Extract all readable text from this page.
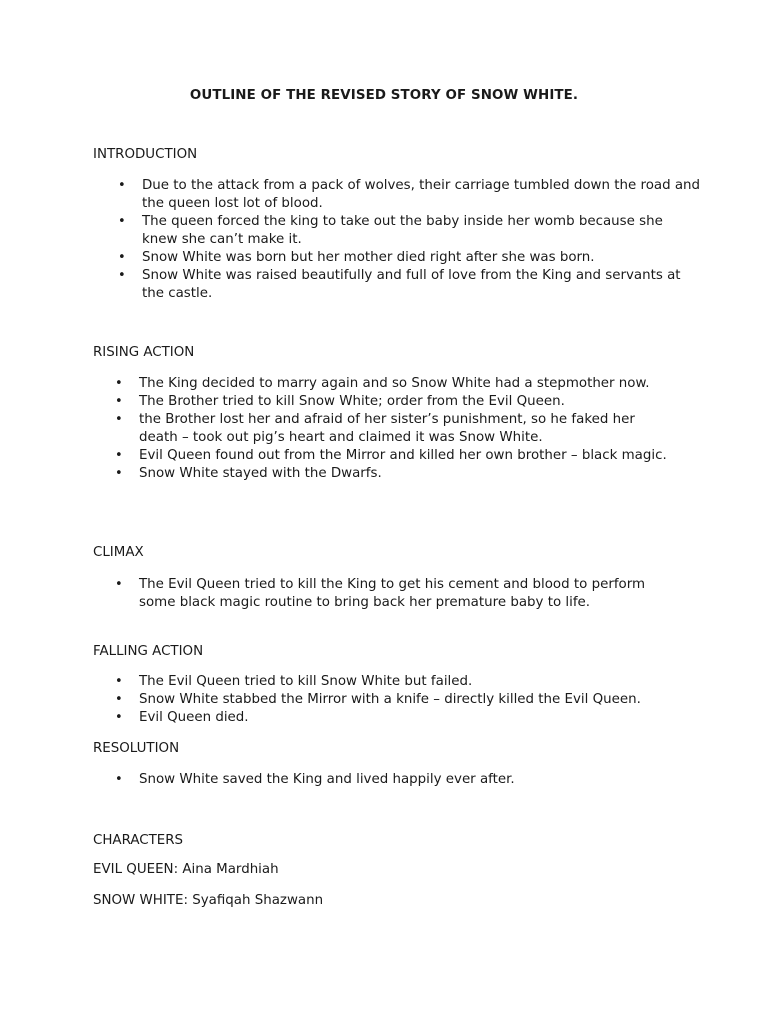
OUTLINE OF THE REVISED STORY OF SNOW WHITE.
INTRODUCTION
• Due to the attack from a pack of wolves, their carriage tumbled down the road and the queen lost lot of blood.
• The queen forced the king to take out the baby inside her womb because she knew she can’t make it.
• Snow White was born but her mother died right after she was born.
• Snow White was raised beautifully and full of love from the King and servants at the castle.
RISING ACTION
• The King decided to marry again and so Snow White had a stepmother now.
• The Brother tried to kill Snow White; order from the Evil Queen.
• the Brother lost her and afraid of her sister’s punishment, so he faked her death – took out pig’s heart and claimed it was Snow White.
• Evil Queen found out from the Mirror and killed her own brother – black magic.
• Snow White stayed with the Dwarfs.
CLIMAX
• The Evil Queen tried to kill the King to get his cement and blood to perform some black magic routine to bring back her premature baby to life.
FALLING ACTION
• The Evil Queen tried to kill Snow White but failed.
• Snow White stabbed the Mirror with a knife – directly killed the Evil Queen.
• Evil Queen died.
RESOLUTION
• Snow White saved the King and lived happily ever after.
CHARACTERS
EVIL QUEEN: Aina Mardhiah
SNOW WHITE: Syafiqah Shazwann
